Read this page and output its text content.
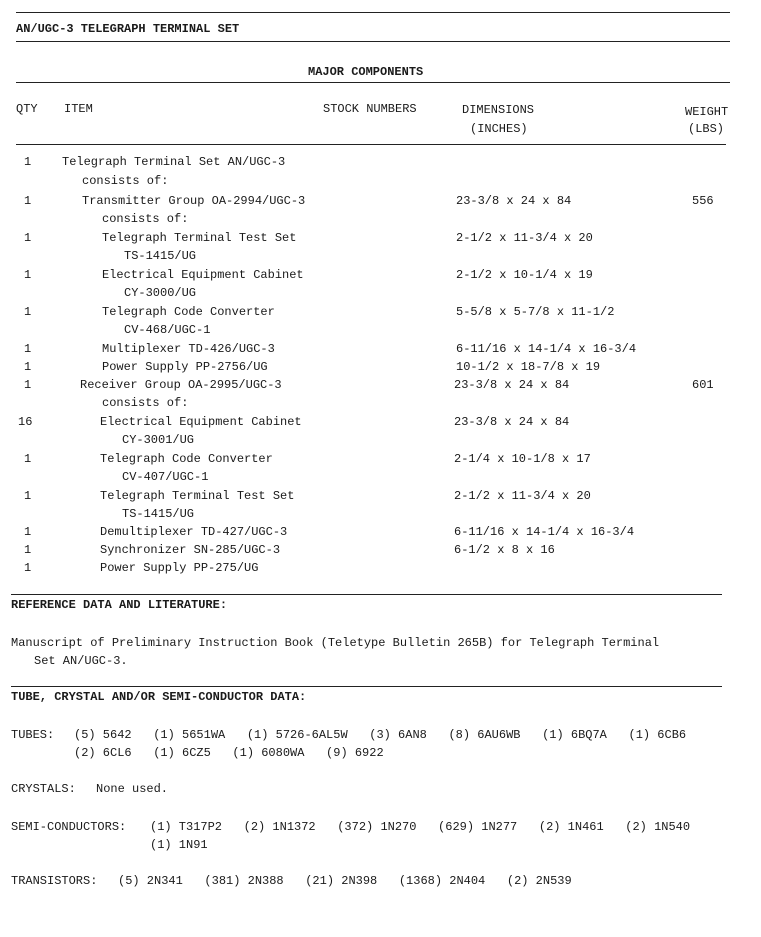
AN/UGC-3 TELEGRAPH TERMINAL SET
MAJOR COMPONENTS
QTY ITEM	STOCK NUMBERS	DIMENSIONS
(INCHES)
WEIGHT
(LBS)
1	Telegraph Terminal Set AN/UGC-3
consists of:
1	Transmitter Group OA-2994/UGC-3	23-3/8 x 24 x 84	556
consists of:
1	Telegraph Terminal Test Set	2-1/2 x 11-3/4 x 20
TS-1415/UG
1	Electrical Equipment Cabinet	2-1/2 x 10-1/4 x 19
CY-3000/UG
1	Telegraph Code Converter	5-5/8 x 5-7/8 x 11-1/2
CV-468/UGC-1
1	Multiplexer TD-426/UGC-3	6-11/16 x 14-1/4 x 16-3/4
1	Power Supply PP-2756/UG	10-1/2 x 18-7/8 x 19
1	Receiver Group OA-2995/UGC-3	23-3/8 x 24 x 84	601
consists of:
16	Electrical Equipment Cabinet	23-3/8 x 24 x 84
CY-3001/UG
1	Telegraph Code Converter	2-1/4 x 10-1/8 x 17
CV-407/UGC-1
1	Telegraph Terminal Test Set	2-1/2 x 11-3/4 x 20
TS-1415/UG
1	Demultiplexer TD-427/UGC-3	6-11/16 x 14-1/4 x 16-3/4
1	Synchronizer SN-285/UGC-3	6-1/2 x 8 x 16
1	Power Supply PP-275/UG
REFERENCE DATA AND LITERATURE:
Manuscript of Preliminary Instruction Book (Teletype Bulletin 265B) for Telegraph Terminal
Set AN/UGC-3.
TUBE, CRYSTAL AND/OR SEMI-CONDUCTOR DATA:
TUBES: (5) 5642   (1) 5651WA   (1) 5726-6AL5W   (3) 6AN8   (8) 6AU6WB   (1) 6BQ7A   (1) 6CB6
(2) 6CL6   (1) 6CZ5   (1) 6080WA   (9) 6922
CRYSTALS: None used.
SEMI-CONDUCTORS: (1) T317P2   (2) 1N1372   (372) 1N270   (629) 1N277   (2) 1N461   (2) 1N540
(1) 1N91
TRANSISTORS: (5) 2N341   (381) 2N388   (21) 2N398   (1368) 2N404   (2) 2N539
